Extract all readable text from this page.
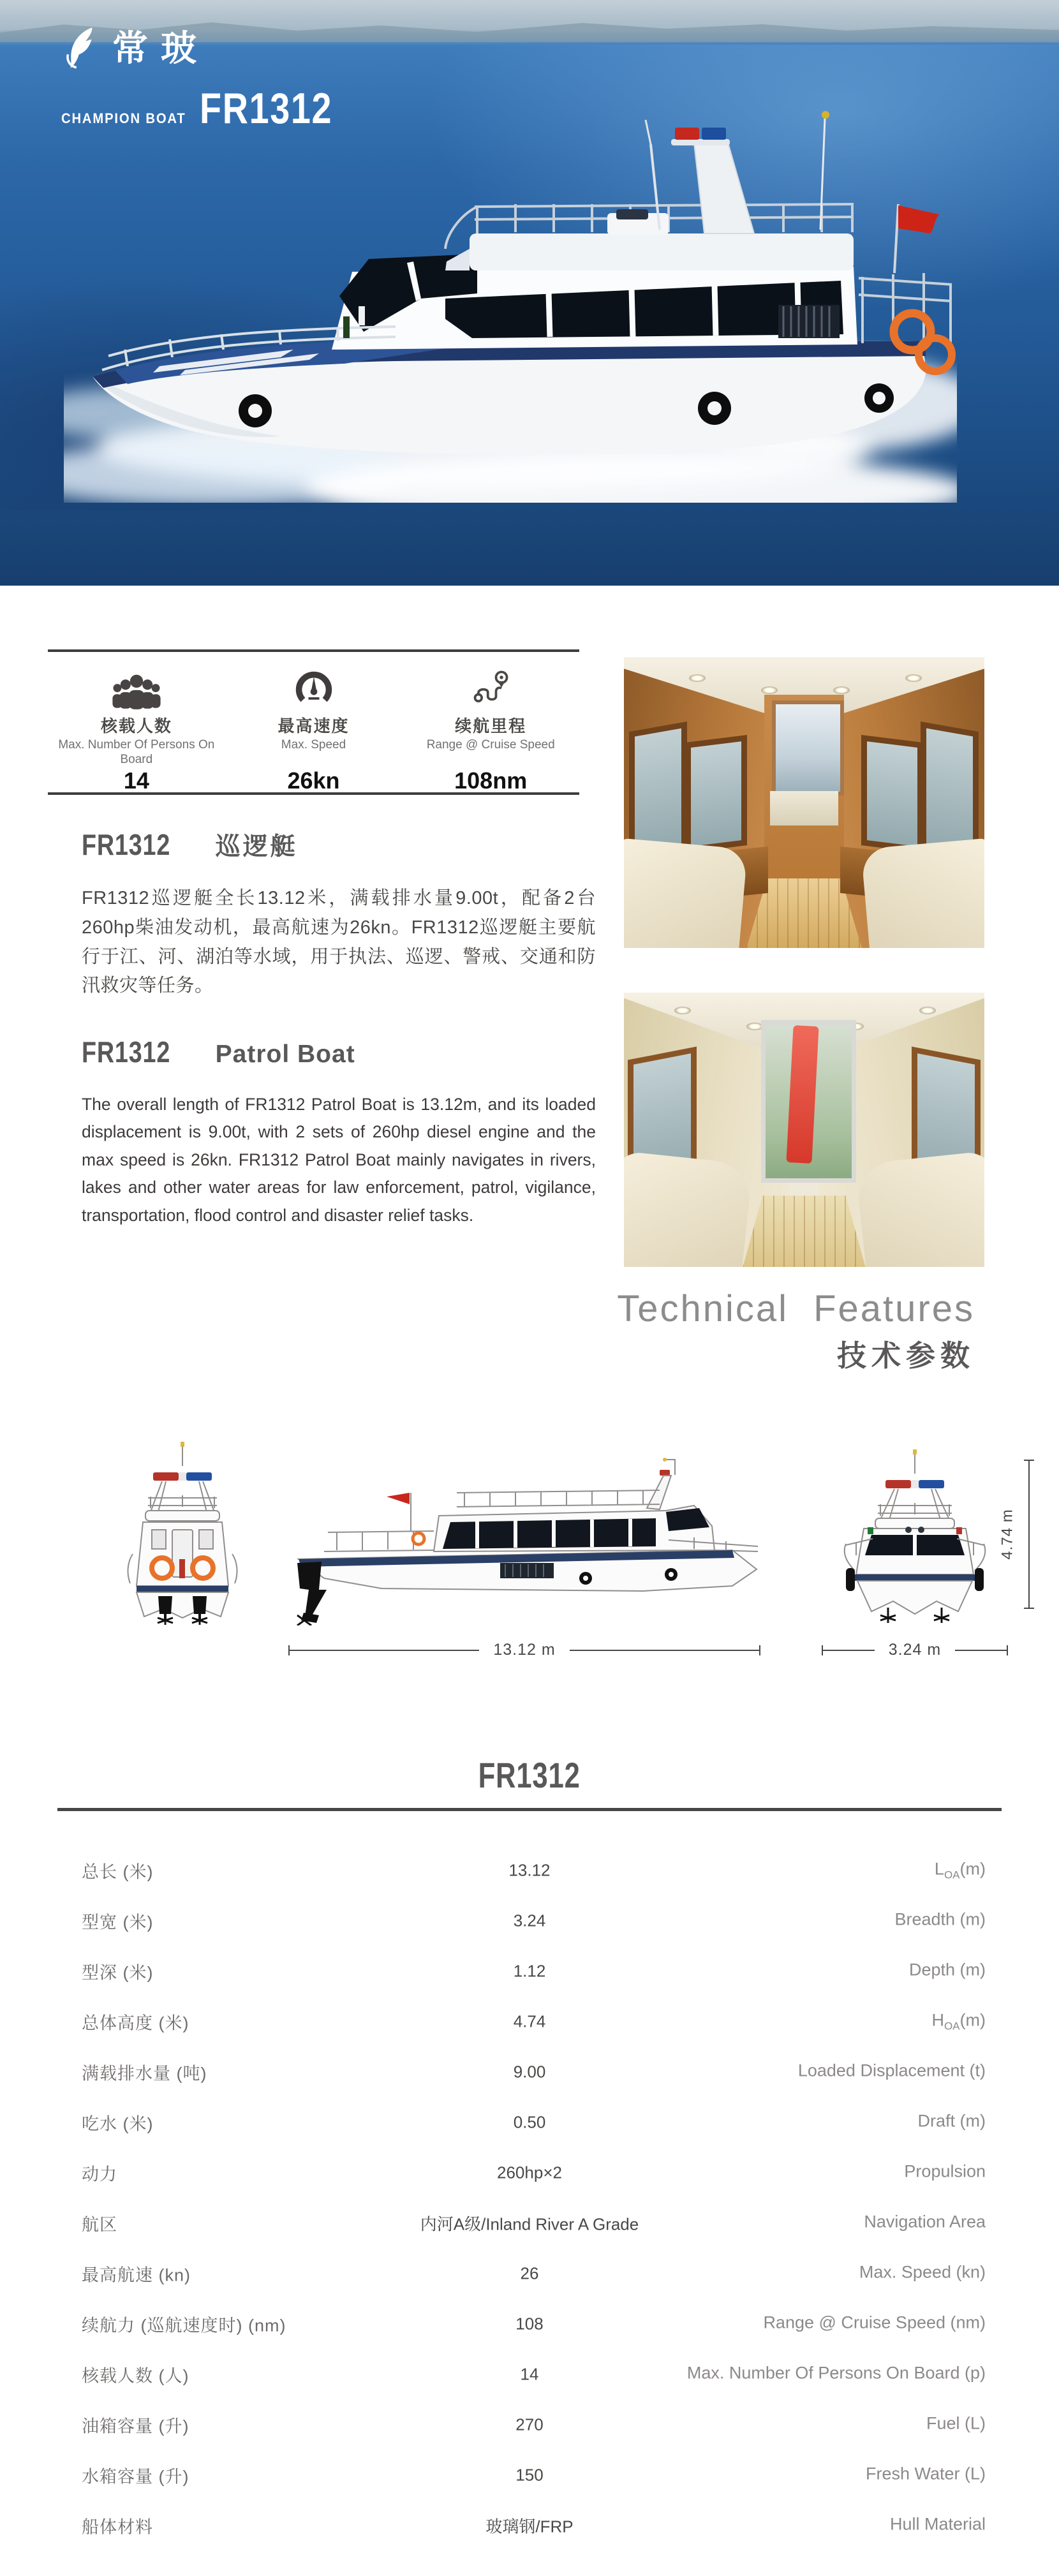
常玻
CHAMPION BOAT FR1312
核载人数
Max. Number Of Persons On Board
14
最高速度
Max. Speed
26kn
续航里程
Range @ Cruise Speed
108nm
FR1312 巡逻艇
FR1312巡逻艇全长13.12米，满载排水量9.00t，配备2台260hp柴油发动机，最高航速为26kn。FR1312巡逻艇主要航行于江、河、湖泊等水域，用于执法、巡逻、警戒、交通和防汛救灾等任务。
FR1312 Patrol Boat
The overall length of FR1312 Patrol Boat is 13.12m, and its loaded displacement is 9.00t, with 2 sets of 260hp diesel engine and the max speed is 26kn. FR1312 Patrol Boat mainly navigates in rivers, lakes and other water areas for law enforcement, patrol, vigilance, transportation, flood control and disaster relief tasks.
Technical Features
技术参数
13.12 m	3.24 m
4.74 m
FR1312
总长 (米)	13.12	$L_{OA}(m)$
型宽 (米)	3.24	Breadth (m)
型深 (米)	1.12	Depth (m)
总体高度 (米)	4.74	$H_{OA}(m)$
满载排水量 (吨)	9.00	Loaded Displacement (t)
吃水 (米)	0.50	Draft (m)
动力	260hp×2	Propulsion
航区	内河A级/Inland River A Grade	Navigation Area
最高航速 (kn)	26	Max. Speed (kn)
续航力 (巡航速度时) (nm)	108	Range @ Cruise Speed (nm)
核载人数 (人)	14	Max. Number Of Persons On Board (p)
油箱容量 (升)	270	Fuel (L)
水箱容量 (升)	150	Fresh Water (L)
船体材料	玻璃钢/FRP	Hull Material
